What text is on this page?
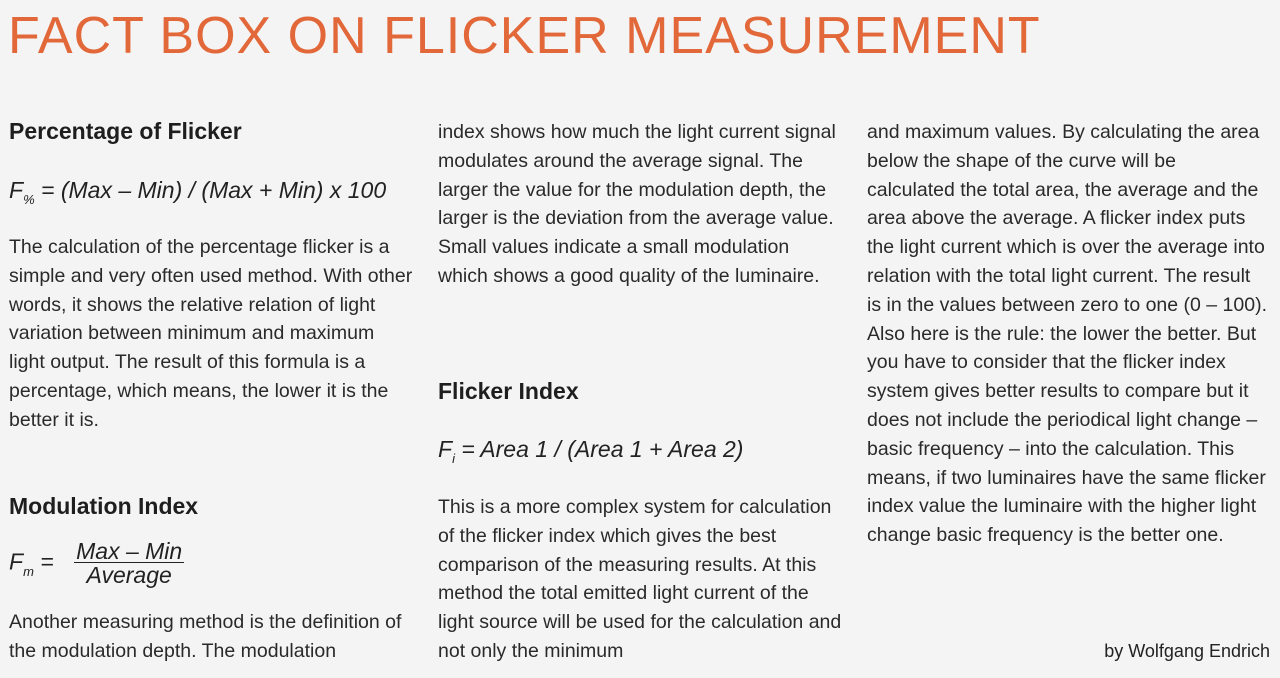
FACT BOX ON FLICKER MEASUREMENT
Percentage of Flicker
$F_{\%} = (Max - Min) / (Max + Min)$ x 100

The calculation of the percentage flicker is a simple and very often used method. With other words, it shows the relative relation of light variation between minimum and maximum light output. The result of this formula is a percentage, which means, the lower it is the better it is.

Modulation Index
$F_m = \frac{\text{Max – Min}}{\text{Average}}$

Another measuring method is the definition of the modulation depth. The modulation

index shows how much the light current signal modulates around the average signal. The larger the value for the modulation depth, the larger is the deviation from the average value. Small values indicate a small modulation which shows a good quality of the luminaire.

Flicker Index
$F_i$ = Area 1 / (Area 1 + Area 2)

This is a more complex system for calculation of the flicker index which gives the best comparison of the measuring results. At this method the total emitted light current of the light source will be used for the calculation and not only the minimum

and maximum values. By calculating the area below the shape of the curve will be calculated the total area, the average and the area above the average. A flicker index puts the light current which is over the average into relation with the total light current. The result is in the values between zero to one (0 – 100). Also here is the rule: the lower the better. But you have to consider that the flicker index system gives better results to compare but it does not include the periodical light change – basic frequency – into the calculation. This means, if two luminaires have the same flicker index value the luminaire with the higher light change basic frequency is the better one.

by Wolfgang Endrich
